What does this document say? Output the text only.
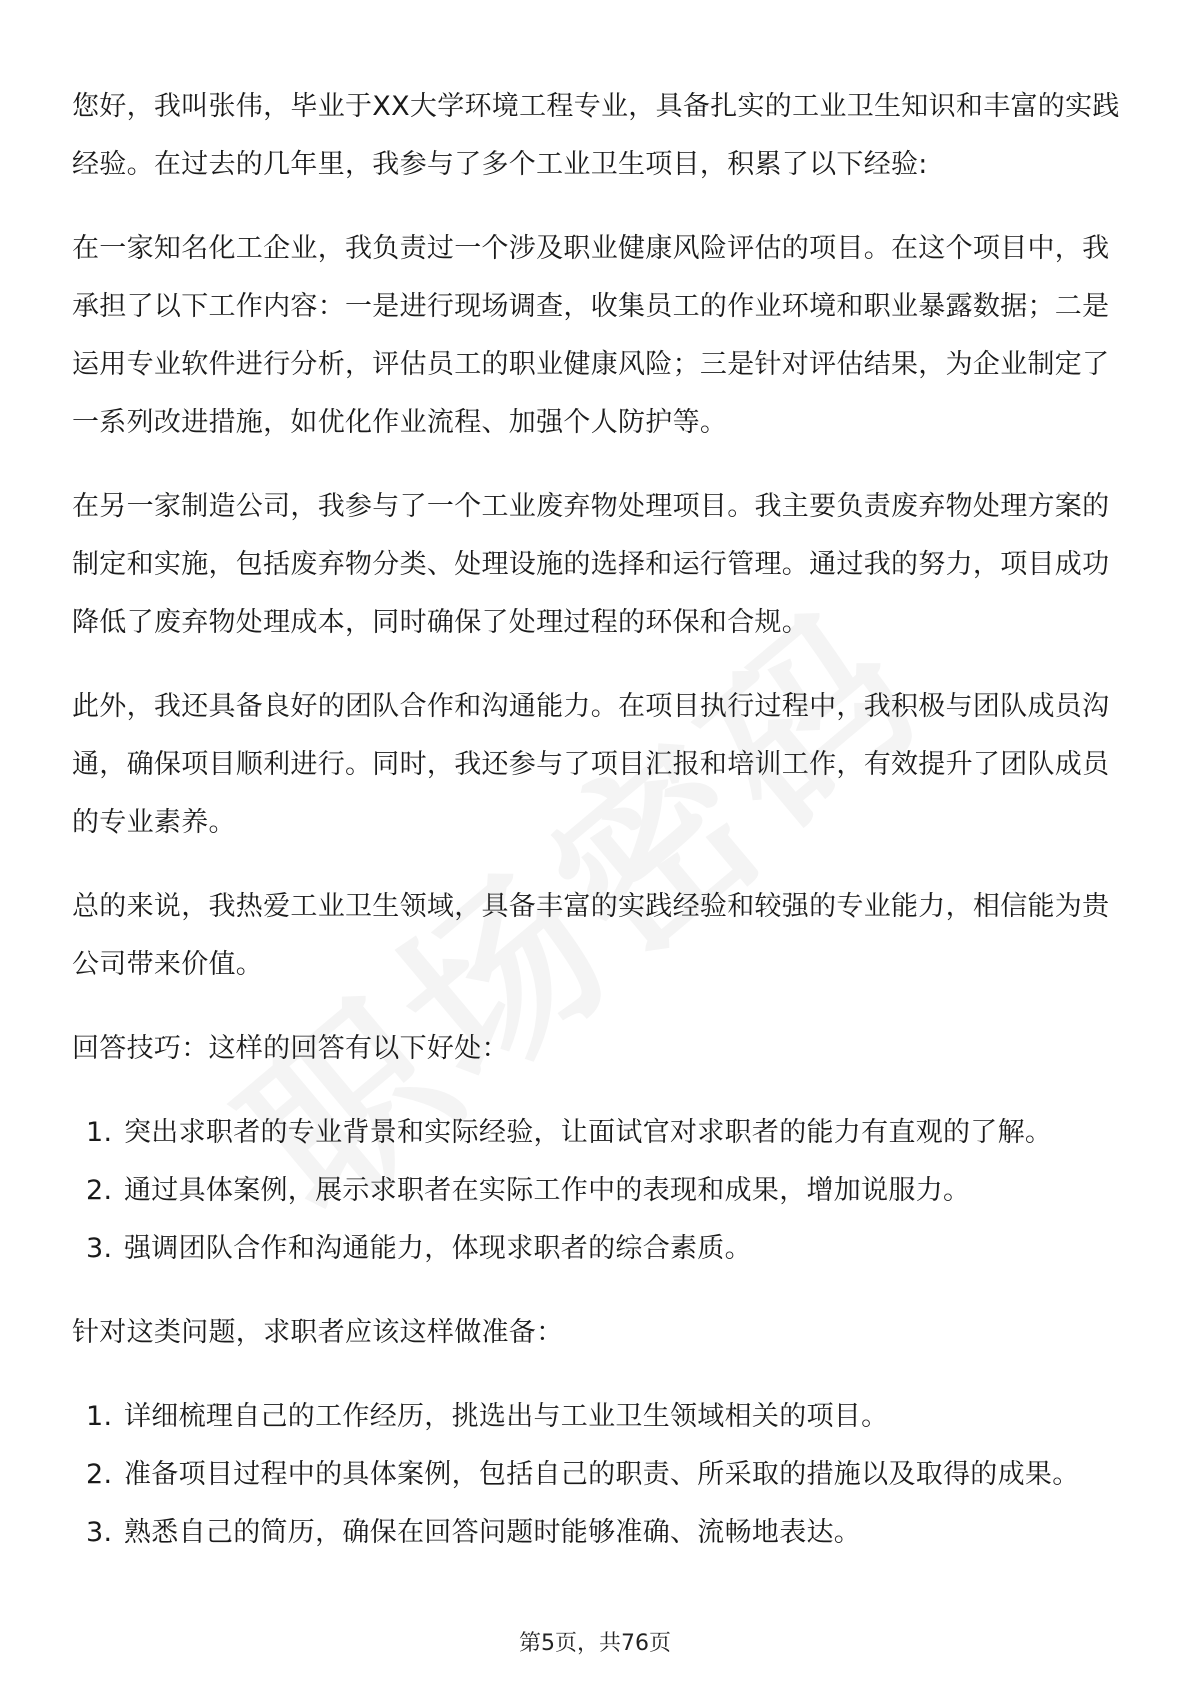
您好，我叫张伟，毕业于XX大学环境工程专业，具备扎实的工业卫生知识和丰富的实践经验。在过去的几年里，我参与了多个工业卫生项目，积累了以下经验:

在一家知名化工企业，我负责过一个涉及职业健康风险评估的项目。在这个项目中，我承担了以下工作内容：一是进行现场调查，收集员工的作业环境和职业暴露数据；二是运用专业软件进行分析，评估员工的职业健康风险；三是针对评估结果，为企业制定了一系列改进措施，如优化作业流程、加强个人防护等。

在另一家制造公司，我参与了一个工业废弃物处理项目。我主要负责废弃物处理方案的制定和实施，包括废弃物分类、处理设施的选择和运行管理。通过我的努力，项目成功降低了废弃物处理成本，同时确保了处理过程的环保和合规。

此外，我还具备良好的团队合作和沟通能力。在项目执行过程中，我积极与团队成员沟通，确保项目顺利进行。同时，我还参与了项目汇报和培训工作，有效提升了团队成员的专业素养。

总的来说，我热爱工业卫生领域，具备丰富的实践经验和较强的专业能力，相信能为贵公司带来价值。

回答技巧：这样的回答有以下好处：

1. 突出求职者的专业背景和实际经验，让面试官对求职者的能力有直观的了解。
2. 通过具体案例，展示求职者在实际工作中的表现和成果，增加说服力。
3. 强调团队合作和沟通能力，体现求职者的综合素质。

针对这类问题，求职者应该这样做准备：

1. 详细梳理自己的工作经历，挑选出与工业卫生领域相关的项目。
2. 准备项目过程中的具体案例，包括自己的职责、所采取的措施以及取得的成果。
3. 熟悉自己的简历，确保在回答问题时能够准确、流畅地表达。
第5页，共76页
